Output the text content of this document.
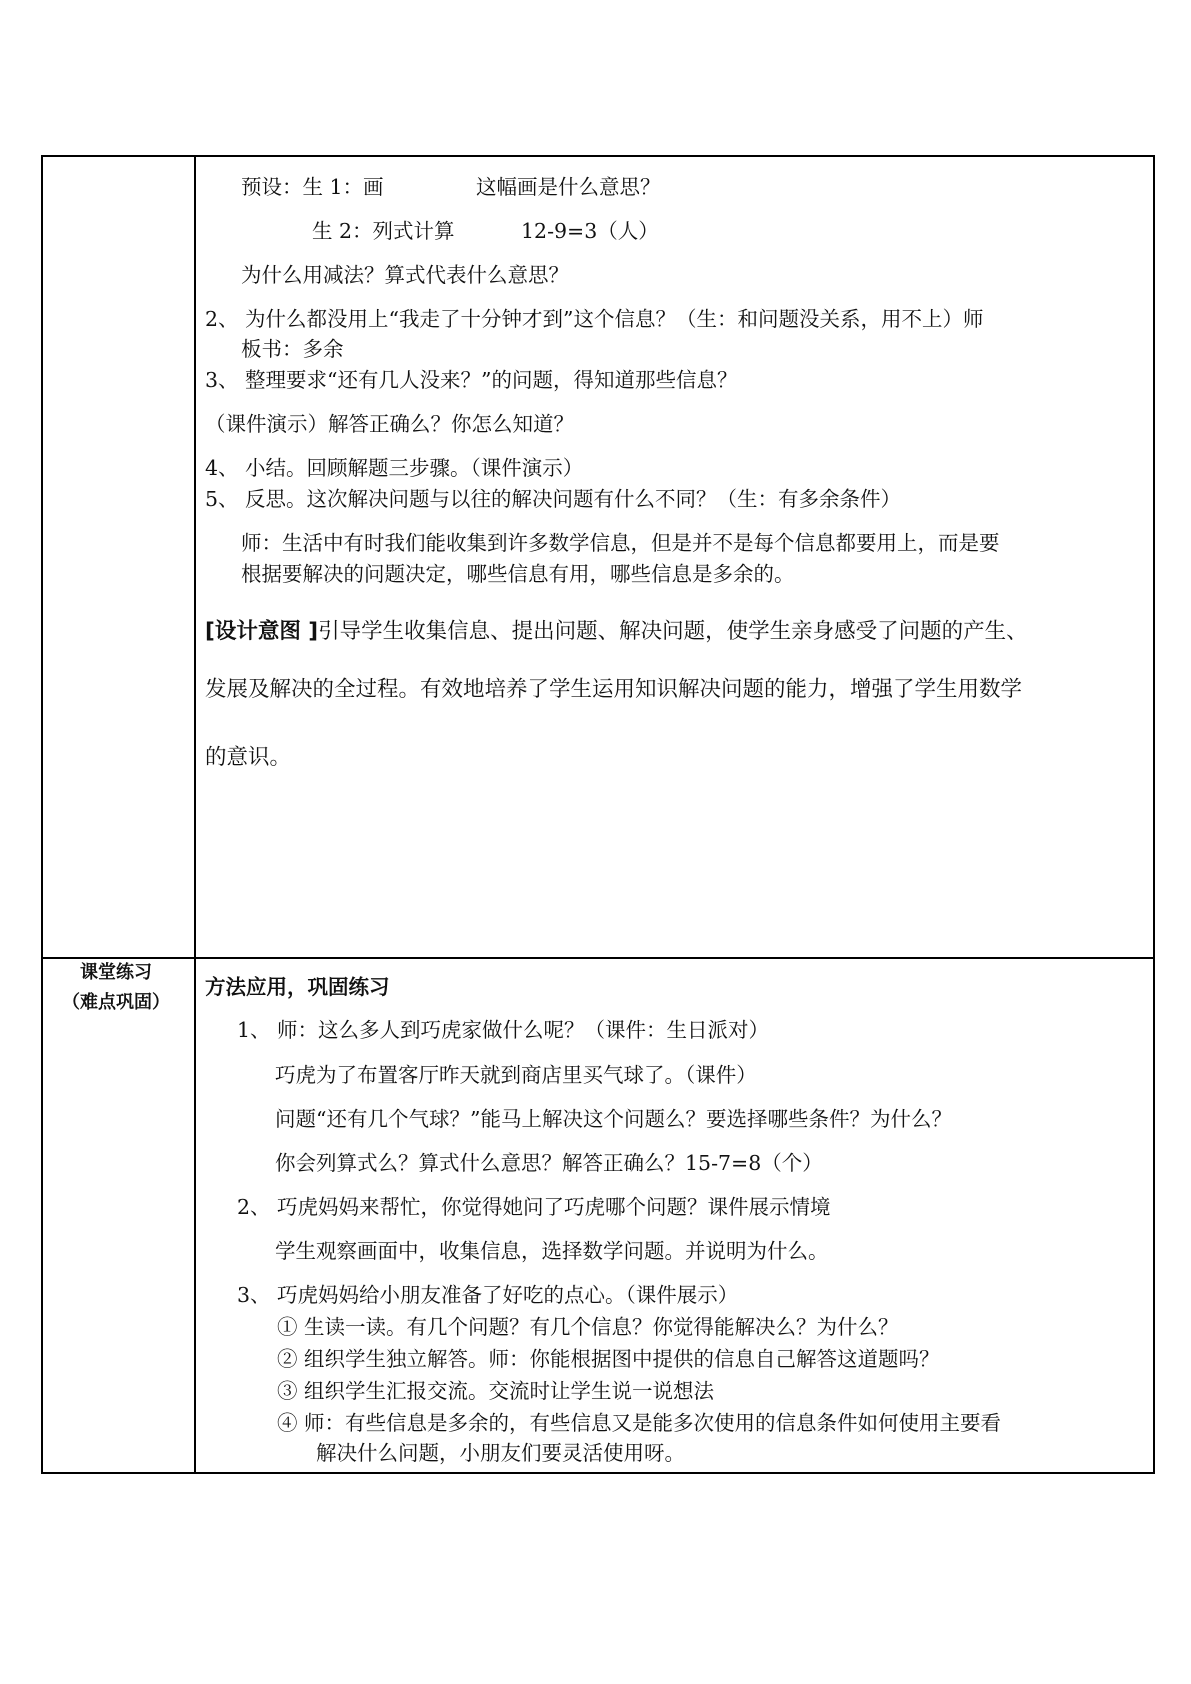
预设：生 1：画	这幅画是什么意思？
生 2：列式计算	12-9=3（人）
为什么用减法？算式代表什么意思？
2、 为什么都没用上“我走了十分钟才到”这个信息？（生：和问题没关系，用不上）师
板书：多余
3、 整理要求“还有几人没来？”的问题，得知道那些信息？
（课件演示）解答正确么？你怎么知道？
4、 小结。回顾解题三步骤。（课件演示）
5、 反思。这次解决问题与以往的解决问题有什么不同？（生：有多余条件）
师：生活中有时我们能收集到许多数学信息，但是并不是每个信息都要用上，而是要
根据要解决的问题决定，哪些信息有用，哪些信息是多余的。
[设计意图 ]引导学生收集信息、提出问题、解决问题，使学生亲身感受了问题的产生、
发展及解决的全过程。有效地培养了学生运用知识解决问题的能力，增强了学生用数学
的意识。
课堂练习
（难点巩固）
方法应用，巩固练习
1、 师：这么多人到巧虎家做什么呢？（课件：生日派对）
巧虎为了布置客厅昨天就到商店里买气球了。（课件）
问题“还有几个气球？”能马上解决这个问题么？要选择哪些条件？为什么？
你会列算式么？算式什么意思？解答正确么？15-7=8（个）
2、 巧虎妈妈来帮忙，你觉得她问了巧虎哪个问题？课件展示情境
学生观察画面中，收集信息，选择数学问题。并说明为什么。
3、 巧虎妈妈给小朋友准备了好吃的点心。（课件展示）
① 生读一读。有几个问题？有几个信息？你觉得能解决么？为什么？
② 组织学生独立解答。师：你能根据图中提供的信息自己解答这道题吗？
③ 组织学生汇报交流。交流时让学生说一说想法
④ 师：有些信息是多余的，有些信息又是能多次使用的信息条件如何使用主要看
解决什么问题，小朋友们要灵活使用呀。
